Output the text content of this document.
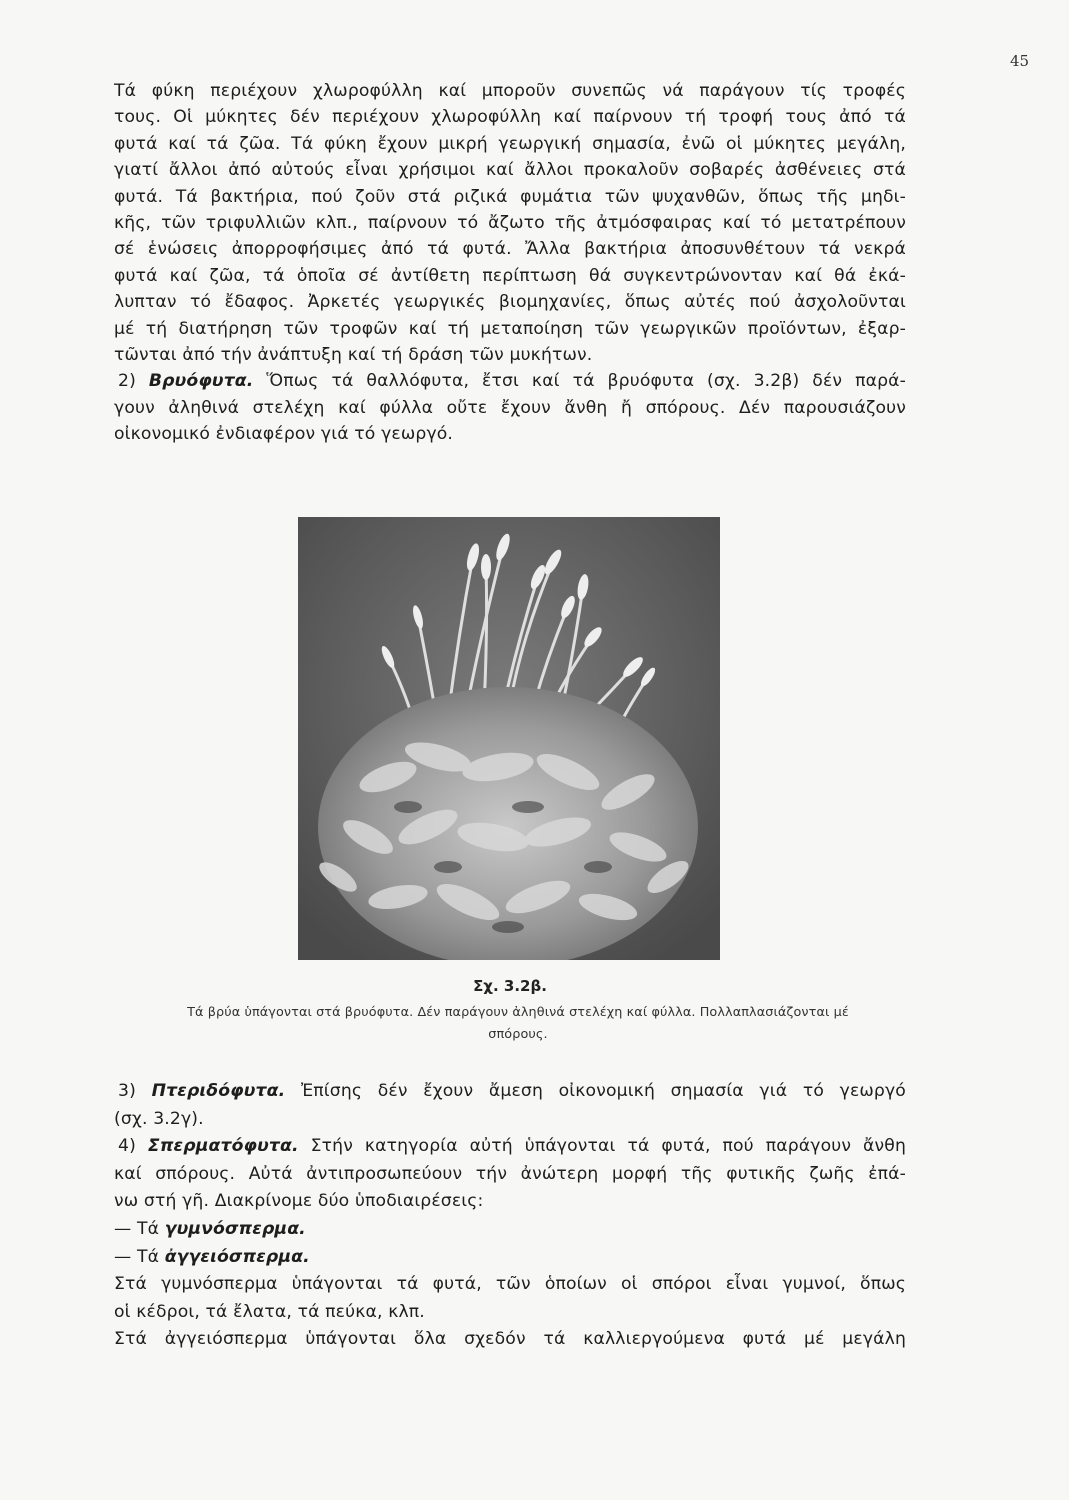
45
Τά φύκη περιέχουν χλωροφύλλη καί μποροῦν συνεπῶς νά παράγουν τίς τροφές
τους. Οἱ μύκητες δέν περιέχουν χλωροφύλλη καί παίρνουν τή τροφή τους ἀπό τά
φυτά καί τά ζῶα. Τά φύκη ἔχουν μικρή γεωργική σημασία, ἐνῶ οἱ μύκητες μεγάλη,
γιατί ἄλλοι ἀπό αὐτούς εἶναι χρήσιμοι καί ἄλλοι προκαλοῦν σοβαρές ἀσθένειες στά
φυτά. Τά βακτήρια, πού ζοῦν στά ριζικά φυμάτια τῶν ψυχανθῶν, ὅπως τῆς μηδι-
κῆς, τῶν τριφυλλιῶν κλπ., παίρνουν τό ἄζωτο τῆς ἀτμόσφαιρας καί τό μετατρέπουν
σέ ἑνώσεις ἀπορροφήσιμες ἀπό τά φυτά. Ἄλλα βακτήρια ἀποσυνθέτουν τά νεκρά
φυτά καί ζῶα, τά ὁποῖα σέ ἀντίθετη περίπτωση θά συγκεντρώνονταν καί θά ἐκά-
λυπταν τό ἔδαφος. Ἀρκετές γεωργικές βιομηχανίες, ὅπως αὐτές πού ἀσχολοῦνται
μέ τή διατήρηση τῶν τροφῶν καί τή μεταποίηση τῶν γεωργικῶν προϊόντων, ἐξαρ-
τῶνται ἀπό τήν ἀνάπτυξη καί τή δράση τῶν μυκήτων.
2) Βρυόφυτα. Ὅπως τά θαλλόφυτα, ἔτσι καί τά βρυόφυτα (σχ. 3.2β) δέν παρά-
γουν ἀληθινά στελέχη καί φύλλα οὔτε ἔχουν ἄνθη ἤ σπόρους. Δέν παρουσιάζουν
οἰκονομικό ἐνδιαφέρον γιά τό γεωργό.
Σχ. 3.2β.
Τά βρύα ὑπάγονται στά βρυόφυτα. Δέν παράγουν ἀληθινά στελέχη καί φύλλα. Πολλαπλασιάζονται μέ
σπόρους.
3) Πτεριδόφυτα. Ἐπίσης δέν ἔχουν ἄμεση οἰκονομική σημασία γιά τό γεωργό
(σχ. 3.2γ).
4) Σπερματόφυτα. Στήν κατηγορία αὐτή ὑπάγονται τά φυτά, πού παράγουν ἄνθη
καί σπόρους. Αὐτά ἀντιπροσωπεύουν τήν ἀνώτερη μορφή τῆς φυτικῆς ζωῆς ἐπά-
νω στή γῆ. Διακρίνομε δύο ὑποδιαιρέσεις:
— Τά γυμνόσπερμα.
— Τά ἀγγειόσπερμα.
Στά γυμνόσπερμα ὑπάγονται τά φυτά, τῶν ὁποίων οἱ σπόροι εἶναι γυμνοί, ὅπως
οἱ κέδροι, τά ἔλατα, τά πεύκα, κλπ.
Στά ἀγγειόσπερμα ὑπάγονται ὅλα σχεδόν τά καλλιεργούμενα φυτά μέ μεγάλη
